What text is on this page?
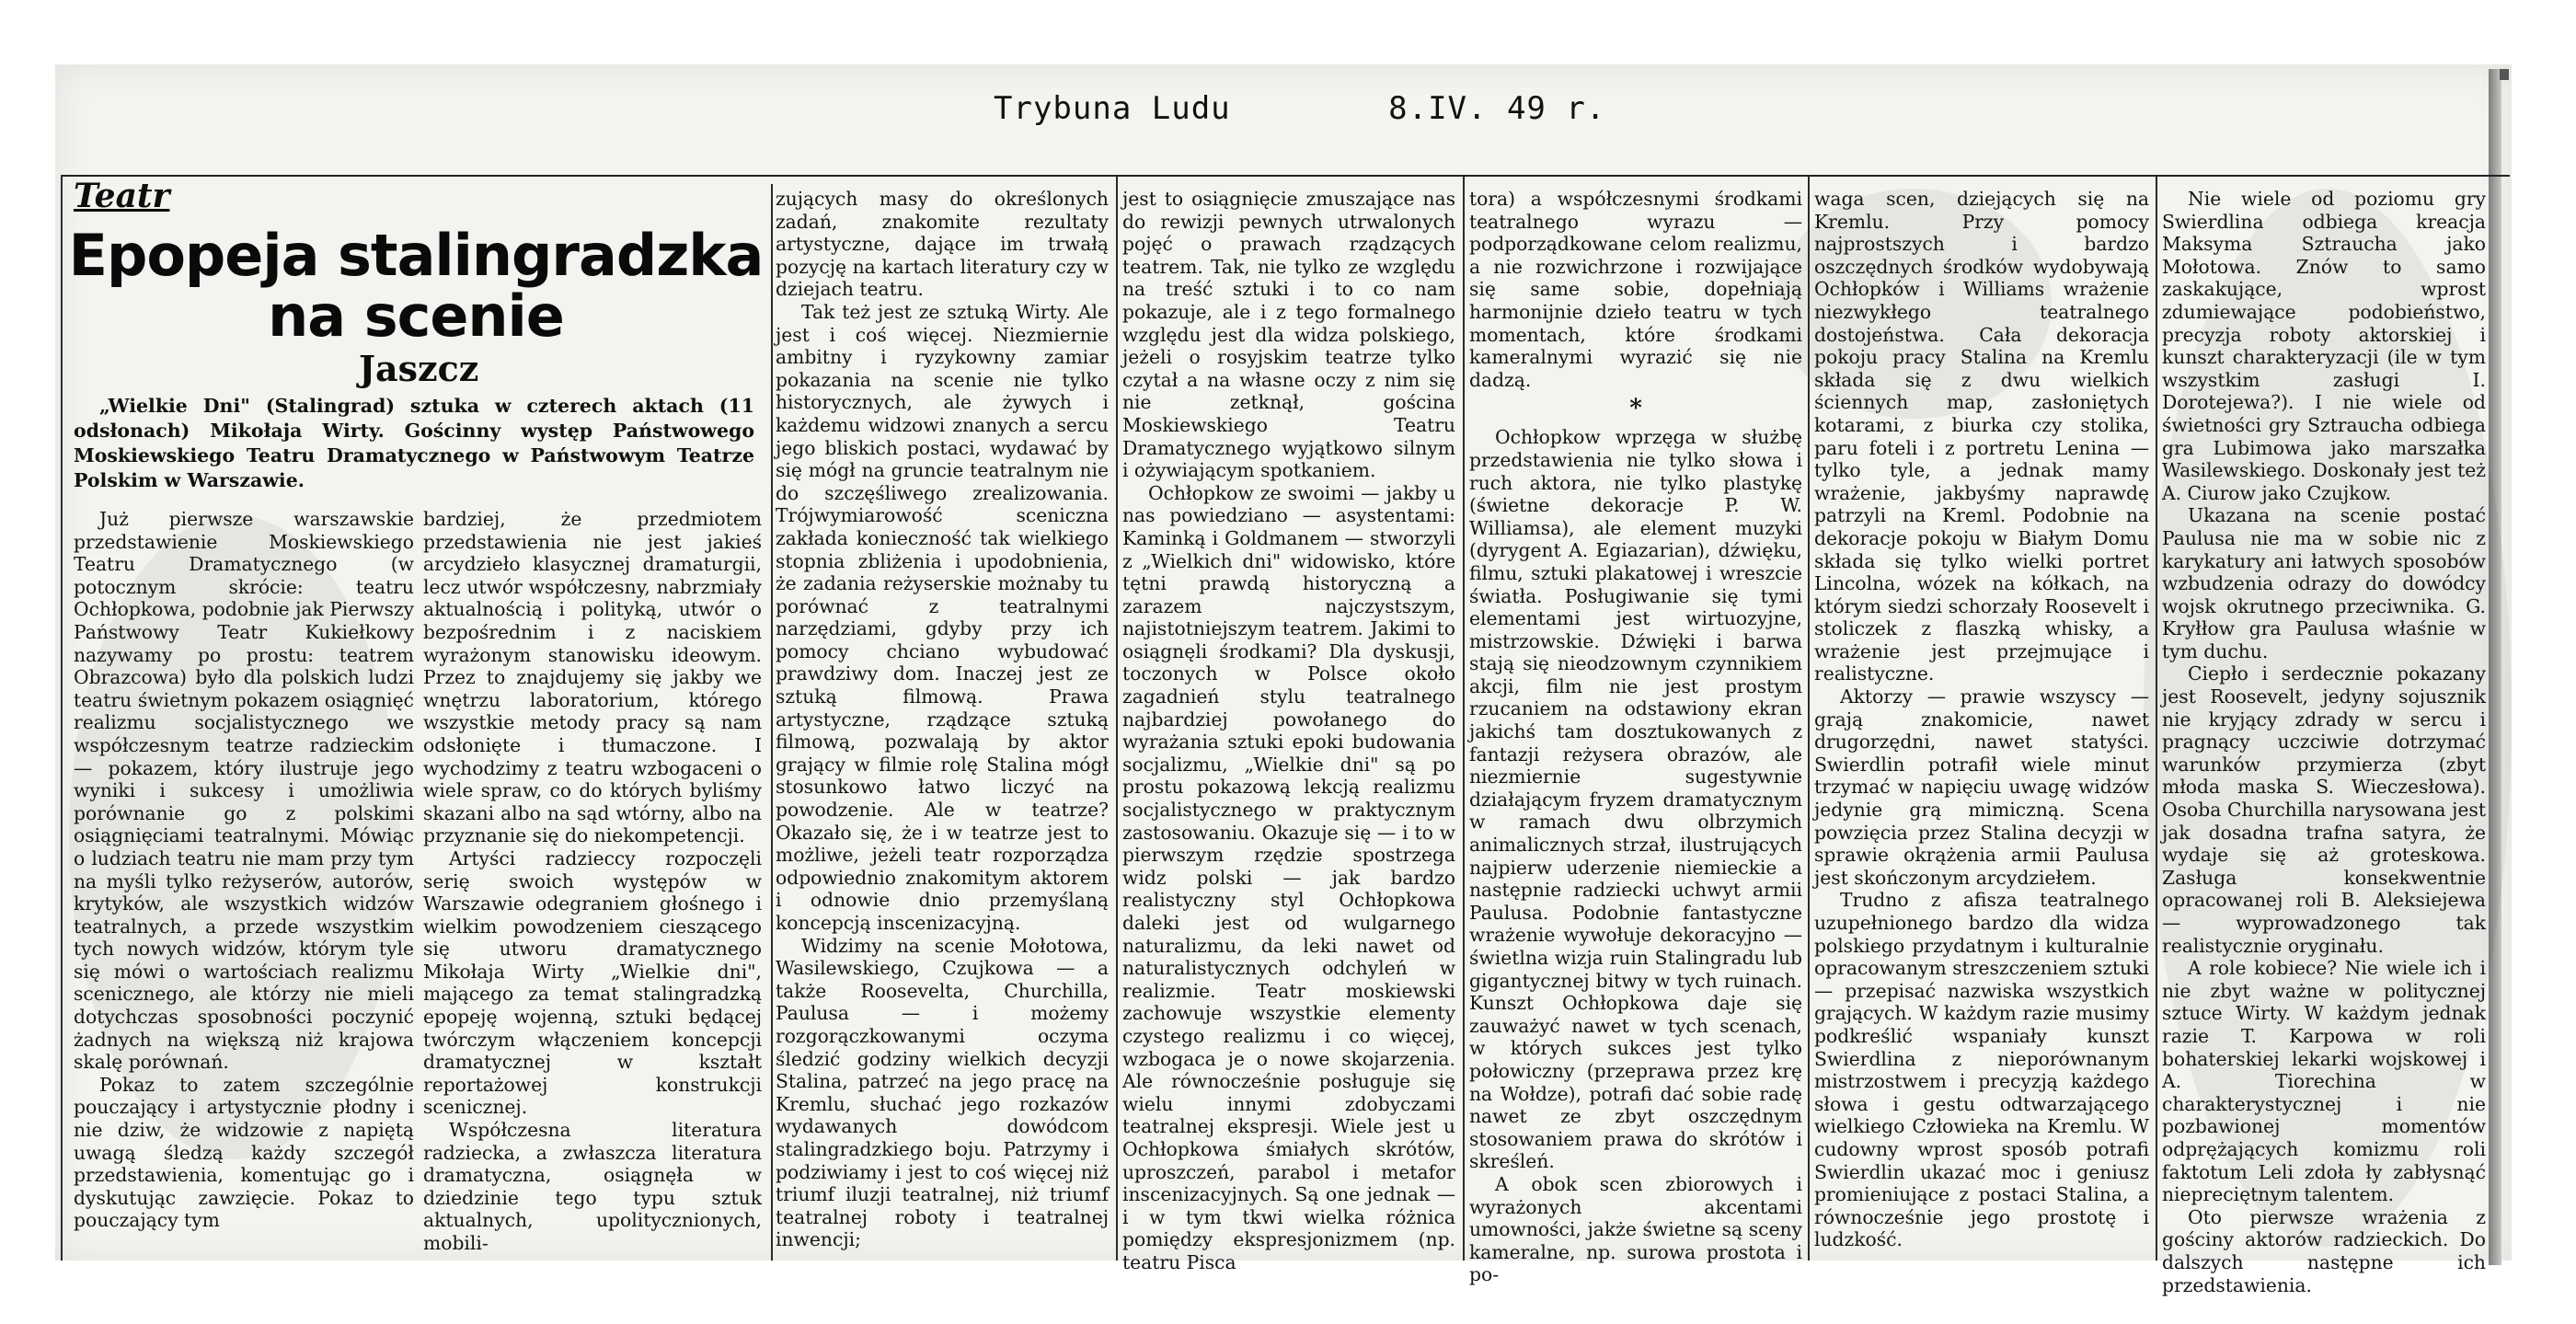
Trybuna Ludu	8.IV. 49 r.
Teatr
Epopeja stalingradzka
na scenie
Jaszcz
„Wielkie Dni" (Stalingrad) sztuka w czterech aktach (11 odsłonach) Mikołaja Wirty. Gościnny występ Państwowego Moskiewskiego Teatru Dramatycznego w Państwowym Teatrze Polskim w Warszawie.

Już pierwsze warszawskie przedstawienie Moskiewskiego Teatru Dramatycznego (w potocznym skrócie: teatru Ochłopkowa, podobnie jak Pierwszy Państwowy Teatr Kukiełkowy nazywamy po prostu: teatrem Obrazcowa) było dla polskich ludzi teatru świetnym pokazem osiągnięć realizmu socjalistycznego we współczesnym teatrze radzieckim — pokazem, który ilustruje jego wyniki i sukcesy i umożliwia porównanie go z polskimi osiągnięciami teatralnymi. Mówiąc o ludziach teatru nie mam przy tym na myśli tylko reżyserów, autorów, krytyków, ale wszystkich widzów teatralnych, a przede wszystkim tych nowych widzów, którym tyle się mówi o wartościach realizmu scenicznego, ale którzy nie mieli dotychczas sposobności poczynić żadnych na większą niż krajowa skalę porównań.

Pokaz to zatem szczególnie pouczający i artystycznie płodny i nie dziw, że widzowie z napiętą uwagą śledzą każdy szczegół przedstawienia, komentując go i dyskutując zawzięcie. Pokaz to pouczający tym

bardziej, że przedmiotem przedstawienia nie jest jakieś arcydzieło klasycznej dramaturgii, lecz utwór współczesny, nabrzmiały aktualnością i polityką, utwór o bezpośrednim i z naciskiem wyrażonym stanowisku ideowym. Przez to znajdujemy się jakby we wnętrzu laboratorium, którego wszystkie metody pracy są nam odsłonięte i tłumaczone. I wychodzimy z teatru wzbogaceni o wiele spraw, co do których byliśmy skazani albo na sąd wtórny, albo na przyznanie się do niekompetencji.

Artyści radzieccy rozpoczęli serię swoich występów w Warszawie odegraniem głośnego i wielkim powodzeniem cieszącego się utworu dramatycznego Mikołaja Wirty „Wielkie dni", mającego za temat stalingradzką epopeję wojenną, sztuki będącej twórczym włączeniem koncepcji dramatycznej w kształt reportażowej konstrukcji scenicznej.

Współczesna literatura radziecka, a zwłaszcza literatura dramatyczna, osiągnęła w dziedzinie tego typu sztuk aktualnych, upolitycznionych, mobili-

zujących masy do określonych zadań, znakomite rezultaty artystyczne, dające im trwałą pozycję na kartach literatury czy w dziejach teatru.

Tak też jest ze sztuką Wirty. Ale jest i coś więcej. Niezmiernie ambitny i ryzykowny zamiar pokazania na scenie nie tylko historycznych, ale żywych i każdemu widzowi znanych a sercu jego bliskich postaci, wydawać by się mógł na gruncie teatralnym nie do szczęśliwego zrealizowania. Trójwymiarowość sceniczna zakłada konieczność tak wielkiego stopnia zbliżenia i upodobnienia, że zadania reżyserskie możnaby tu porównać z teatralnymi narzędziami, gdyby przy ich pomocy chciano wybudować prawdziwy dom. Inaczej jest ze sztuką filmową. Prawa artystyczne, rządzące sztuką filmową, pozwalają by aktor grający w filmie rolę Stalina mógł stosunkowo łatwo liczyć na powodzenie. Ale w teatrze? Okazało się, że i w teatrze jest to możliwe, jeżeli teatr rozporządza odpowiednio znakomitym aktorem i odnowie dnio przemyślaną koncepcją inscenizacyjną.

Widzimy na scenie Mołotowa, Wasilewskiego, Czujkowa — a także Roosevelta, Churchilla, Paulusa — i możemy rozgorączkowanymi oczyma śledzić godziny wielkich decyzji Stalina, patrzeć na jego pracę na Kremlu, słuchać jego rozkazów wydawanych dowódcom stalingradzkiego boju. Patrzymy i podziwiamy i jest to coś więcej niż triumf iluzji teatralnej, niż triumf teatralnej roboty i teatralnej inwencji;

jest to osiągnięcie zmuszające nas do rewizji pewnych utrwalonych pojęć o prawach rządzących teatrem. Tak, nie tylko ze względu na treść sztuki i to co nam pokazuje, ale i z tego formalnego względu jest dla widza polskiego, jeżeli o rosyjskim teatrze tylko czytał a na własne oczy z nim się nie zetknął, gościna Moskiewskiego Teatru Dramatycznego wyjątkowo silnym i ożywiającym spotkaniem.

Ochłopkow ze swoimi — jakby u nas powiedziano — asystentami: Kaminką i Goldmanem — stworzyli z „Wielkich dni" widowisko, które tętni prawdą historyczną a zarazem najczystszym, najistotniejszym teatrem. Jakimi to osiągnęli środkami? Dla dyskusji, toczonych w Polsce około zagadnień stylu teatralnego najbardziej powołanego do wyrażania sztuki epoki budowania socjalizmu, „Wielkie dni" są po prostu pokazową lekcją realizmu socjalistycznego w praktycznym zastosowaniu. Okazuje się — i to w pierwszym rzędzie spostrzega widz polski — jak bardzo realistyczny styl Ochłopkowa daleki jest od wulgarnego naturalizmu, da leki nawet od naturalistycznych odchyleń w realizmie. Teatr moskiewski zachowuje wszystkie elementy czystego realizmu i co więcej, wzbogaca je o nowe skojarzenia. Ale równocześnie posługuje się wielu innymi zdobyczami teatralnej ekspresji. Wiele jest u Ochłopkowa śmiałych skrótów, uproszczeń, parabol i metafor inscenizacyjnych. Są one jednak — i w tym tkwi wielka różnica pomiędzy ekspresjonizmem (np. teatru Pisca

tora) a współczesnymi środkami teatralnego wyrazu — podporządkowane celom realizmu, a nie rozwichrzone i rozwijające się same sobie, dopełniają harmonijnie dzieło teatru w tych momentach, które środkami kameralnymi wyrazić się nie dadzą.

*

Ochłopkow wprzęga w służbę przedstawienia nie tylko słowa i ruch aktora, nie tylko plastykę (świetne dekoracje P. W. Williamsa), ale element muzyki (dyrygent A. Egiazarian), dźwięku, filmu, sztuki plakatowej i wreszcie światła. Posługiwanie się tymi elementami jest wirtuozyjne, mistrzowskie. Dźwięki i barwa stają się nieodzownym czynnikiem akcji, film nie jest prostym rzucaniem na odstawiony ekran jakichś tam dosztukowanych z fantazji reżysera obrazów, ale niezmiernie sugestywnie działającym fryzem dramatycznym w ramach dwu olbrzymich animalicznych strzał, ilustrujących najpierw uderzenie niemieckie a następnie radziecki uchwyt armii Paulusa. Podobnie fantastyczne wrażenie wywołuje dekoracyjno — świetlna wizja ruin Stalingradu lub gigantycznej bitwy w tych ruinach. Kunszt Ochłopkowa daje się zauważyć nawet w tych scenach, w których sukces jest tylko połowiczny (przeprawa przez krę na Wołdze), potrafi dać sobie radę nawet ze zbyt oszczędnym stosowaniem prawa do skrótów i skreśleń.

A obok scen zbiorowych i wyrażonych akcentami umowności, jakże świetne są sceny kameralne, np. surowa prostota i po-

waga scen, dziejących się na Kremlu. Przy pomocy najprostszych i bardzo oszczędnych środków wydobywają Ochłopków i Williams wrażenie niezwykłego teatralnego dostojeństwa. Cała dekoracja pokoju pracy Stalina na Kremlu składa się z dwu wielkich ściennych map, zasłoniętych kotarami, z biurka czy stolika, paru foteli i z portretu Lenina — tylko tyle, a jednak mamy wrażenie, jakbyśmy naprawdę patrzyli na Kreml. Podobnie na dekoracje pokoju w Białym Domu składa się tylko wielki portret Lincolna, wózek na kółkach, na którym siedzi schorzały Roosevelt i stoliczek z flaszką whisky, a wrażenie jest przejmujące i realistyczne.

Aktorzy — prawie wszyscy — grają znakomicie, nawet drugorzędni, nawet statyści. Swierdlin potrafił wiele minut trzymać w napięciu uwagę widzów jedynie grą mimiczną. Scena powzięcia przez Stalina decyzji w sprawie okrążenia armii Paulusa jest skończonym arcydziełem.

Trudno z afisza teatralnego uzupełnionego bardzo dla widza polskiego przydatnym i kulturalnie opracowanym streszczeniem sztuki — przepisać nazwiska wszystkich grających. W każdym razie musimy podkreślić wspaniały kunszt Swierdlina z nieporównanym mistrzostwem i precyzją każdego słowa i gestu odtwarzającego wielkiego Człowieka na Kremlu. W cudowny wprost sposób potrafi Swierdlin ukazać moc i geniusz promieniujące z postaci Stalina, a równocześnie jego prostotę i ludzkość.

Nie wiele od poziomu gry Swierdlina odbiega kreacja Maksyma Sztraucha jako Mołotowa. Znów to samo zaskakujące, wprost zdumiewające podobieństwo, precyzja roboty aktorskiej i kunszt charakteryzacji (ile w tym wszystkim zasługi I. Dorotejewa?). I nie wiele od świetności gry Sztraucha odbiega gra Lubimowa jako marszałka Wasilewskiego. Doskonały jest też A. Ciurow jako Czujkow.

Ukazana na scenie postać Paulusa nie ma w sobie nic z karykatury ani łatwych sposobów wzbudzenia odrazy do dowódcy wojsk okrutnego przeciwnika. G. Kryłłow gra Paulusa właśnie w tym duchu.

Ciepło i serdecznie pokazany jest Roosevelt, jedyny sojusznik nie kryjący zdrady w sercu i pragnący uczciwie dotrzymać warunków przymierza (zbyt młoda maska S. Wieczesłowa). Osoba Churchilla narysowana jest jak dosadna trafna satyra, że wydaje się aż groteskowa. Zasługa konsekwentnie opracowanej roli B. Aleksiejewa — wyprowadzonego tak realistycznie oryginału.

A role kobiece? Nie wiele ich i nie zbyt ważne w politycznej sztuce Wirty. W każdym jednak razie T. Karpowa w roli bohaterskiej lekarki wojskowej i A. Tiorechina w charakterystycznej i nie pozbawionej momentów odprężających komizmu roli faktotum Leli zdoła ły zabłysnąć niepreciętnym talentem.

Oto pierwsze wrażenia z gościny aktorów radzieckich. Do dalszych następne ich przedstawienia.
